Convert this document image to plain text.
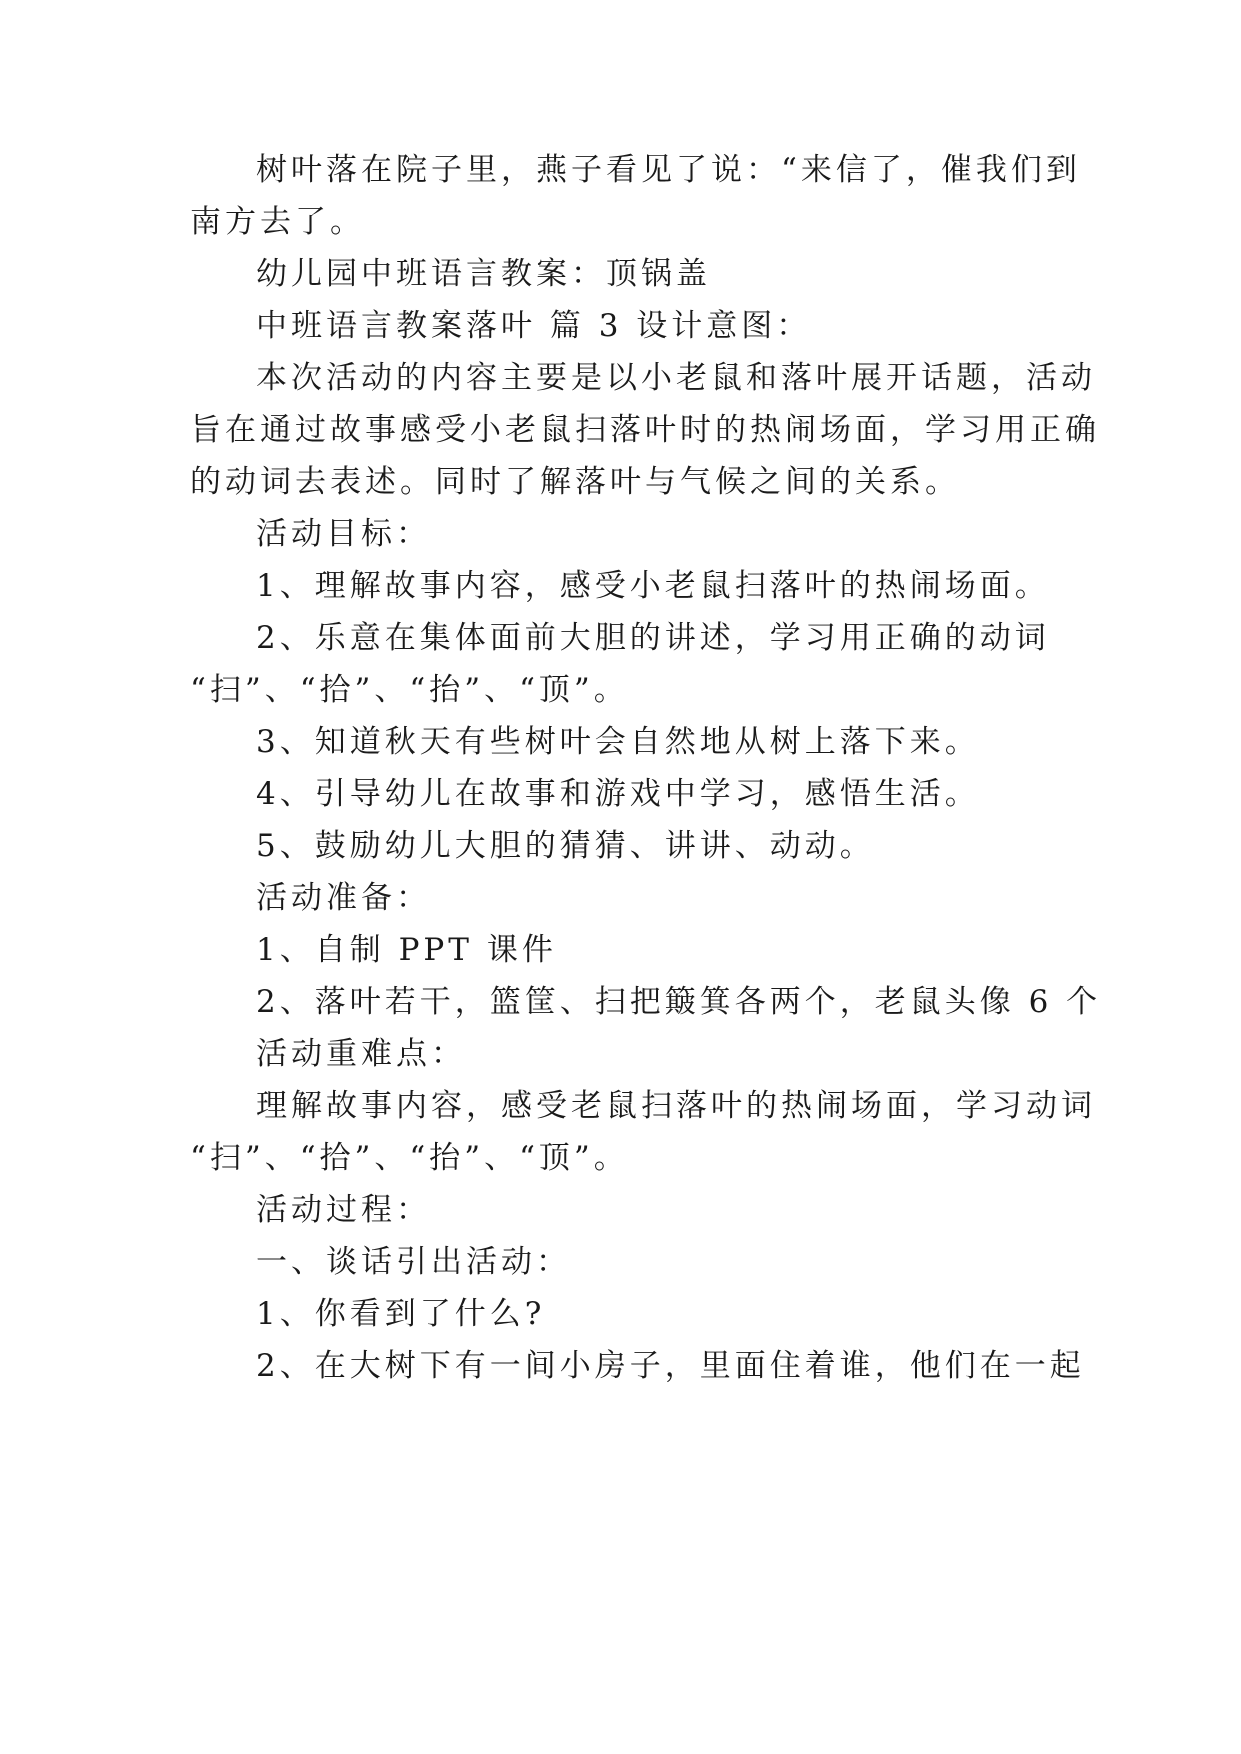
树叶落在院子里，燕子看见了说：“来信了，催我们到
南方去了。
幼儿园中班语言教案：顶锅盖
中班语言教案落叶 篇 3 设计意图：
本次活动的内容主要是以小老鼠和落叶展开话题，活动
旨在通过故事感受小老鼠扫落叶时的热闹场面，学习用正确
的动词去表述。同时了解落叶与气候之间的关系。
活动目标：
1、理解故事内容，感受小老鼠扫落叶的热闹场面。
2、乐意在集体面前大胆的讲述，学习用正确的动词
“扫”、“拾”、“抬”、“顶”。
3、知道秋天有些树叶会自然地从树上落下来。
4、引导幼儿在故事和游戏中学习，感悟生活。
5、鼓励幼儿大胆的猜猜、讲讲、动动。
活动准备：
1、自制 PPT 课件
2、落叶若干，篮筐、扫把簸箕各两个，老鼠头像 6 个
活动重难点：
理解故事内容，感受老鼠扫落叶的热闹场面，学习动词
“扫”、“拾”、“抬”、“顶”。
活动过程：
一、谈话引出活动：
1、你看到了什么?
2、在大树下有一间小房子，里面住着谁，他们在一起
